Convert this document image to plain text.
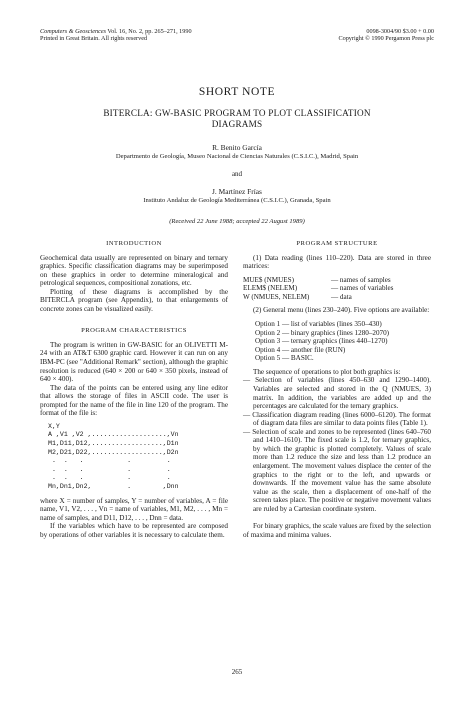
Computers & Geosciences Vol. 16, No. 2, pp. 265–271, 1990
Printed in Great Britain. All rights reserved
0098-3004/90 $3.00 + 0.00
Copyright © 1990 Pergamon Press plc
SHORT NOTE
BITERCLA: GW-BASIC PROGRAM TO PLOT CLASSIFICATION
DIAGRAMS
R. Benito García
Departmento de Geología, Museo Nacional de Ciencias Naturales (C.S.I.C.), Madrid, Spain
and
J. Martínez Frías
Instituto Andaluz de Geología Mediterránea (C.S.I.C.), Granada, Spain
(Received 22 June 1988; accepted 22 August 1989)
INTRODUCTION

Geochemical data usually are represented on binary and ternary graphics. Specific classification diagrams may be superimposed on these graphics in order to determine mineralogical and petrological sequences, compositional zonations, etc.

Plotting of these diagrams is accomplished by the BITERCLA program (see Appendix), to that enlargements of concrete zones can be visualized easily.

PROGRAM CHARACTERISTICS

The program is written in GW-BASIC for an OLIVETTI M-24 with an AT&T 6300 graphic card. However it can run on any IBM-PC (see "Additional Remark" section), although the graphic resolution is reduced (640 × 200 or 640 × 350 pixels, instead of 640 × 400).

The data of the points can be entered using any line editor that allows the storage of files in ASCII code. The user is prompted for the name of the file in line 120 of the program. The format of the file is:

X,Y
A ,V1 ,V2 ,...................,Vn
M1,D11,D12,..................,D1n
M2,D21,D22,..................,D2n
.  .   .           .         .
.  .   .           .         .
.  .   .           .         .
Mn,Dn1,Dn2,         .        ,Dnn

where X = number of samples, Y = number of variables, A = file name, V1, V2, . . . , Vn = name of variables, M1, M2, . . . , Mn = name of samples, and D11, D12, . . . , Dnn = data.

If the variables which have to be represented are composed by operations of other variables it is necessary to calculate them.

PROGRAM STRUCTURE

(1) Data reading (lines 110–220). Data are stored in three matrices:

MUE$ (NMUES)	— names of samples
ELEM$ (NELEM)	— names of variables
W (NMUES, NELEM)	— data

(2) General menu (lines 230–240). Five options are available:

Option 1 — list of variables (lines 350–430)
Option 2 — binary graphics (lines 1280–2070)
Option 3 — ternary graphics (lines 440–1270)
Option 4 — another file (RUN)
Option 5 — BASIC.

The sequence of operations to plot both graphics is:

— Selection of variables (lines 450–630 and 1290–1400). Variables are selected and stored in the Q (NMUES, 3) matrix. In addition, the variables are added up and the percentages are calculated for the ternary graphics.

— Classification diagram reading (lines 6000–6120). The format of diagram data files are similar to data points files (Table 1).

— Selection of scale and zones to be represented (lines 640–760 and 1410–1610). The fixed scale is 1.2, for ternary graphics, by which the graphic is plotted completely. Values of scale more than 1.2 reduce the size and less than 1.2 produce an enlargement. The movement values displace the center of the graphics to the right or to the left, and upwards or downwards. If the movement value has the same absolute value as the scale, then a displacement of one-half of the screen takes place. The positive or negative movement values are ruled by a Cartesian coordinate system.

For binary graphics, the scale values are fixed by the selection of maxima and minima values.

265
